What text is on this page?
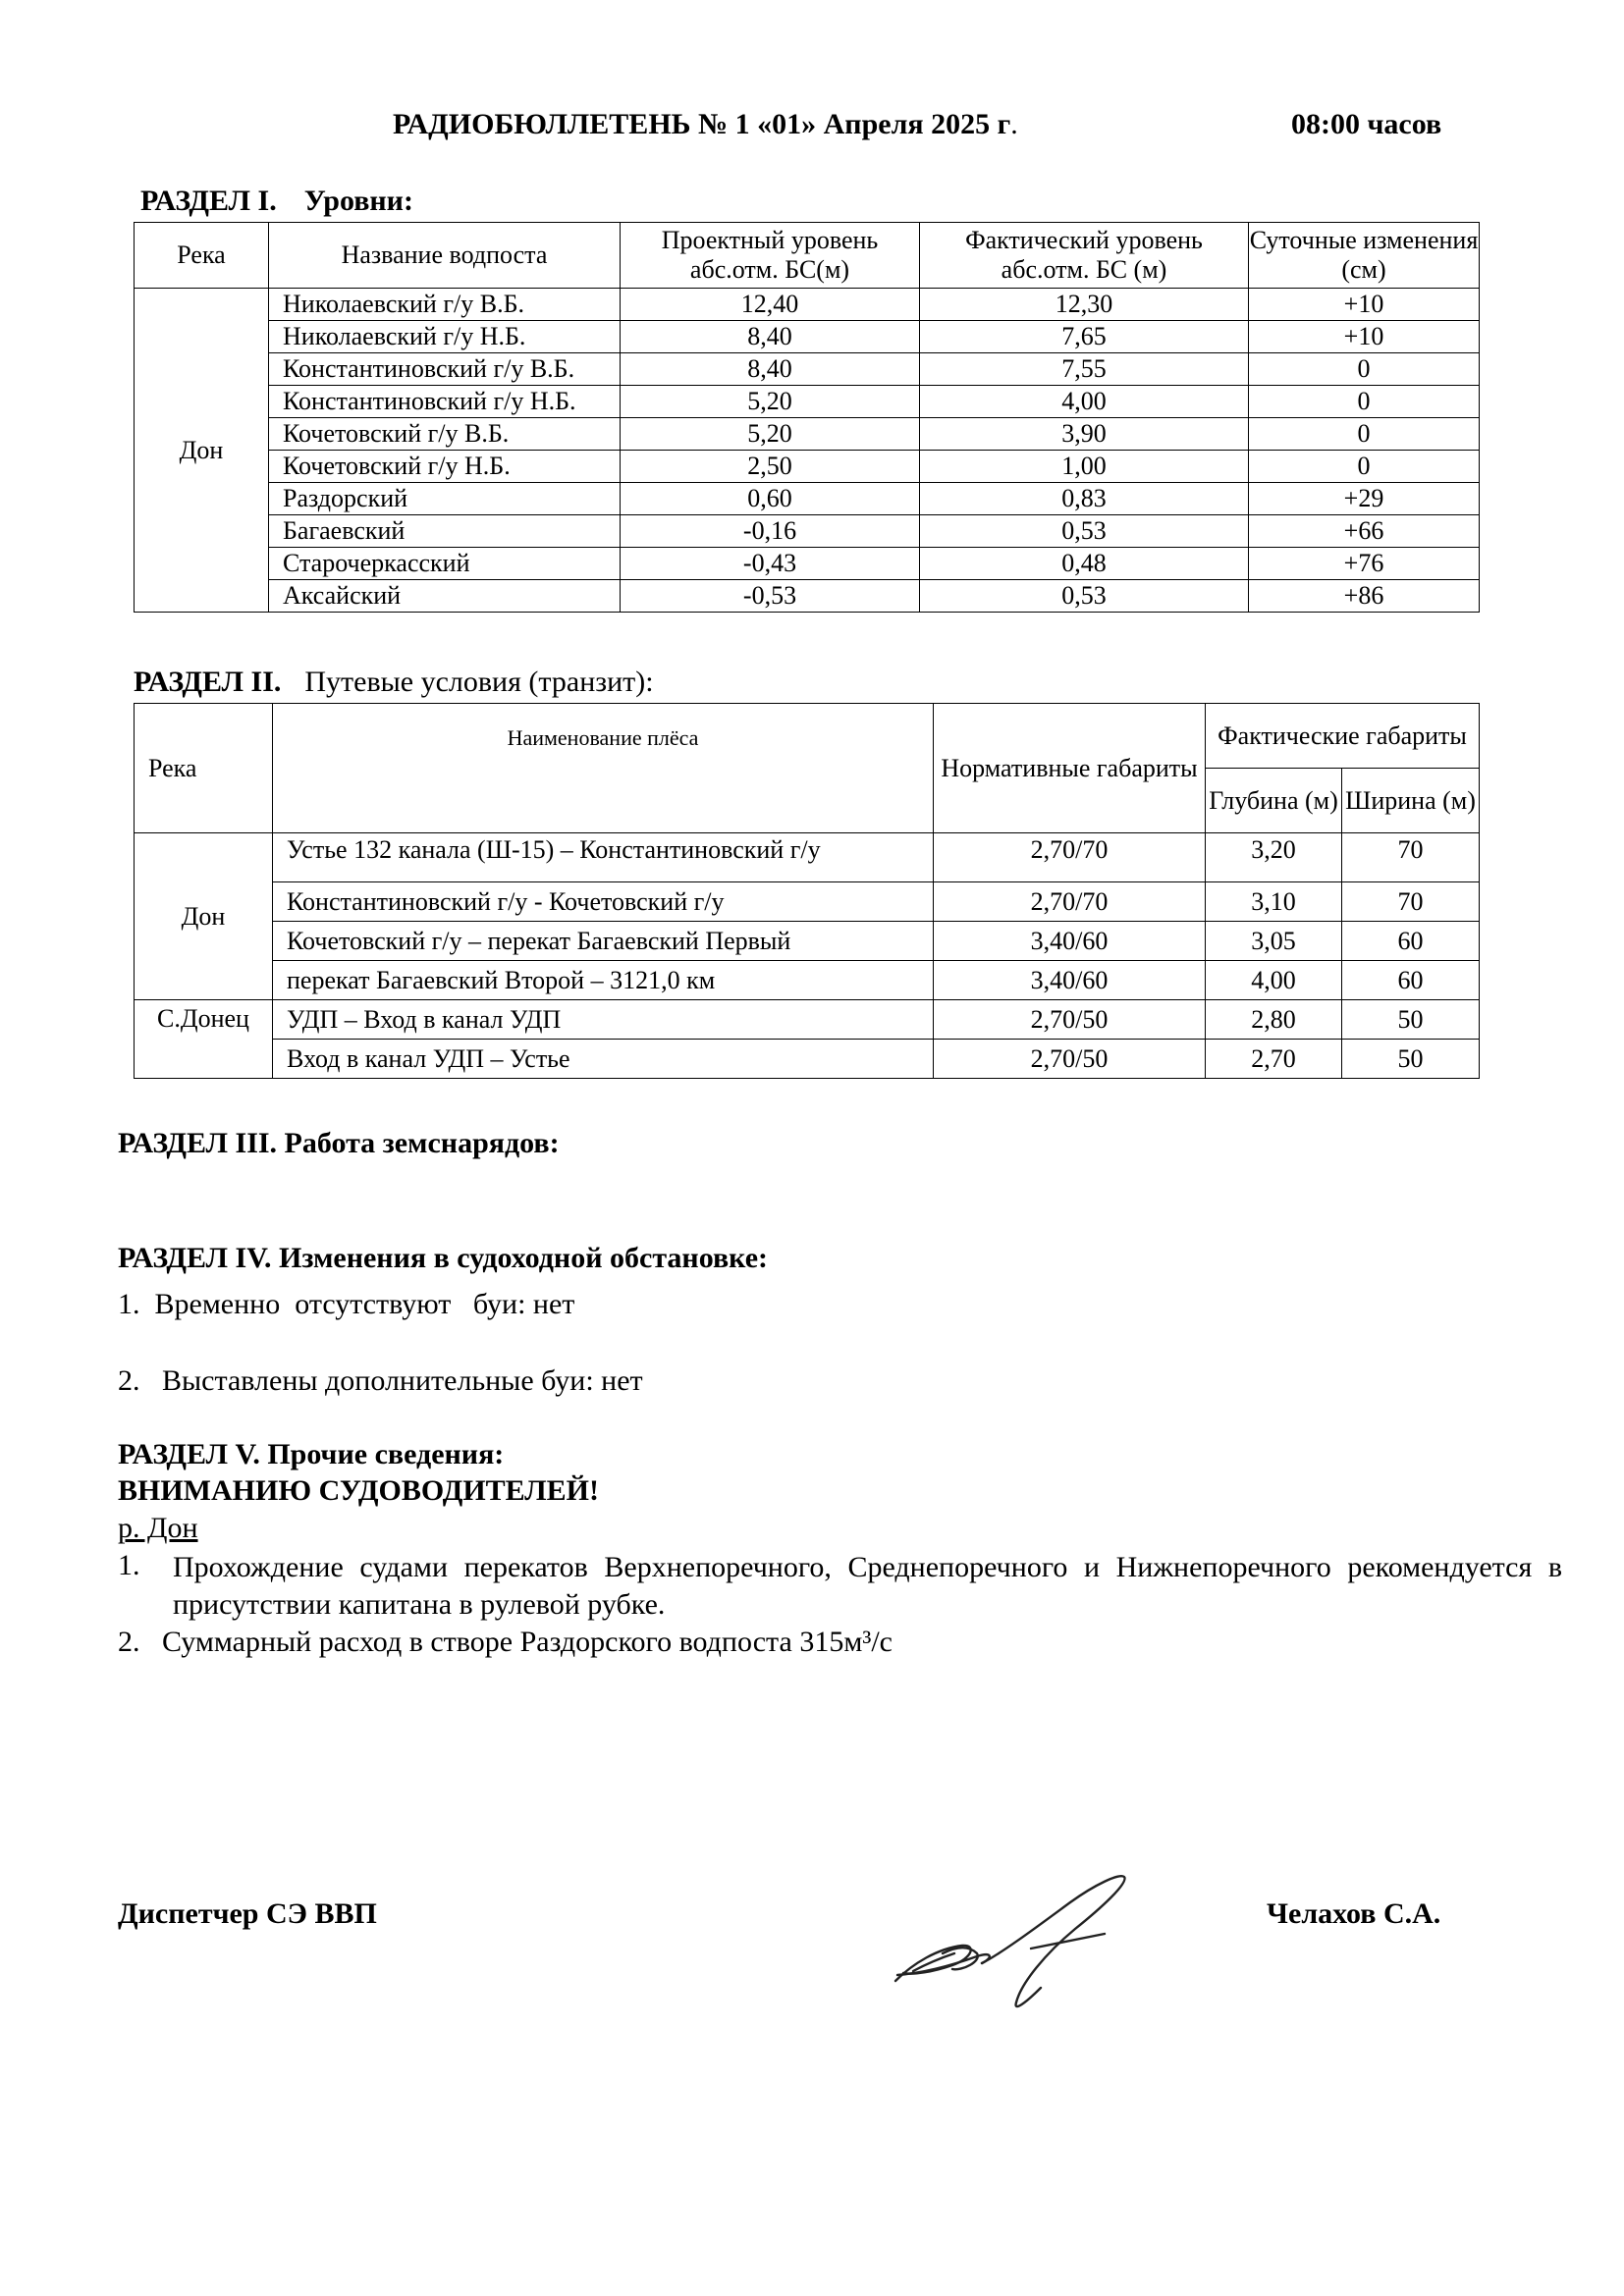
РАДИОБЮЛЛЕТЕНЬ № 1 «01» Апреля 2025 г.	08:00 часов
РАЗДЕЛ I. Уровни:
Река	Название водпоста	Проектный уровень абс.отм. БС(м)	Фактический уровень абс.отм. БС (м)	Суточные изменения (см)
Дон	Николаевский г/у В.Б.	12,40	12,30	+10
	Николаевский г/у Н.Б.	8,40	7,65	+10
	Константиновский г/у В.Б.	8,40	7,55	0
	Константиновский г/у Н.Б.	5,20	4,00	0
	Кочетовский г/у В.Б.	5,20	3,90	0
	Кочетовский г/у Н.Б.	2,50	1,00	0
	Раздорский	0,60	0,83	+29
	Багаевский	-0,16	0,53	+66
	Старочеркасский	-0,43	0,48	+76
	Аксайский	-0,53	0,53	+86
РАЗДЕЛ II. Путевые условия (транзит):
Река	Наименование плёса	Нормативные габариты	Фактические габариты	
			Глубина (м)	Ширина (м)
Дон	Устье 132 канала (Ш-15) – Константиновский г/у	2,70/70	3,20	70
	Константиновский г/у - Кочетовский г/у	2,70/70	3,10	70
	Кочетовский г/у – перекат Багаевский Первый	3,40/60	3,05	60
	перекат Багаевский Второй – 3121,0 км	3,40/60	4,00	60
С.Донец	УДП – Вход в канал УДП	2,70/50	2,80	50
	Вход в канал УДП – Устье	2,70/50	2,70	50
РАЗДЕЛ III. Работа земснарядов:
РАЗДЕЛ IV. Изменения в судоходной обстановке:
1.  Временно  отсутствуют   буи: нет
2.   Выставлены дополнительные буи: нет
РАЗДЕЛ V. Прочие сведения:
ВНИМАНИЮ СУДОВОДИТЕЛЕЙ!
р. Дон
1. Прохождение судами перекатов Верхнепоречного, Среднепоречного и Нижнепоречного рекомендуется в присутствии капитана в рулевой рубке.
2.   Суммарный расход в створе Раздорского водпоста 315м³/с
Диспетчер СЭ ВВП	Челахов С.А.
